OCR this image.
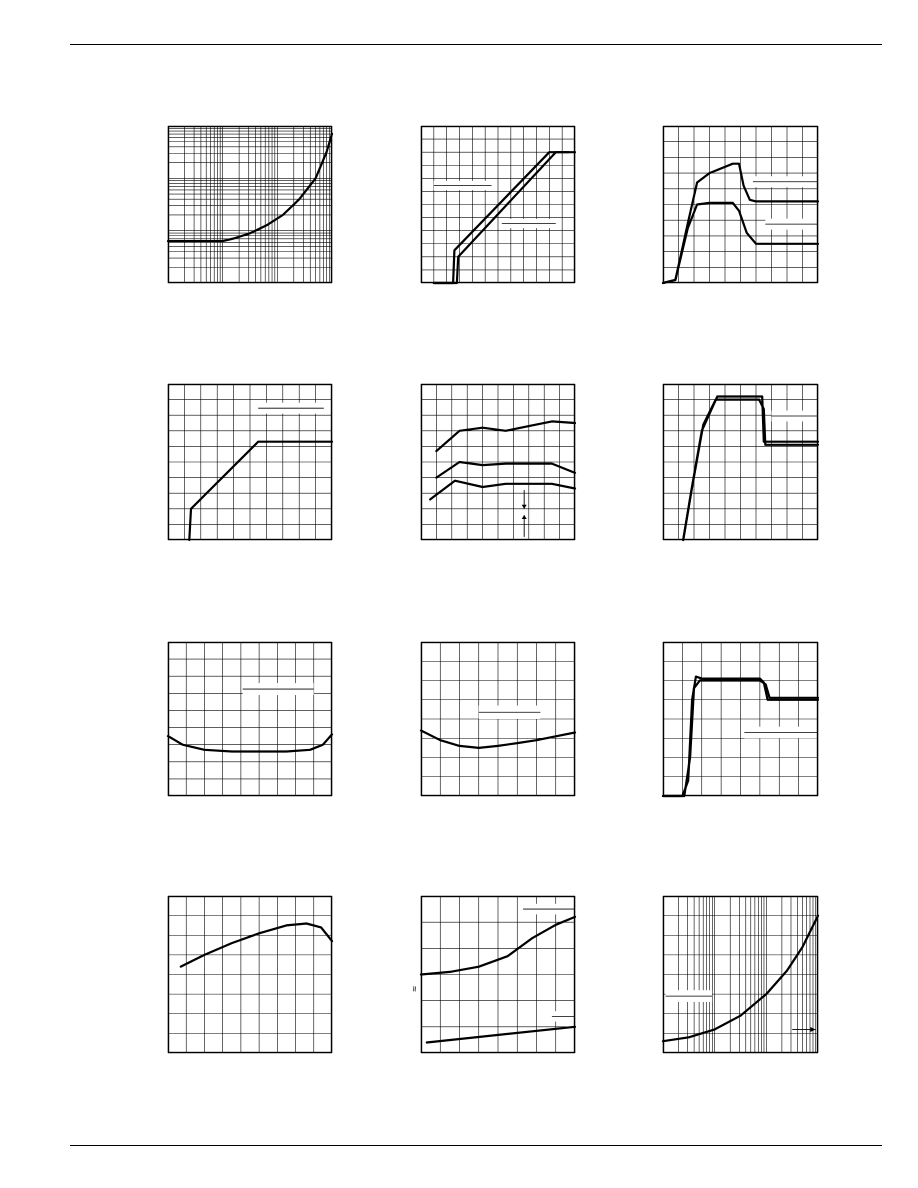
≈
